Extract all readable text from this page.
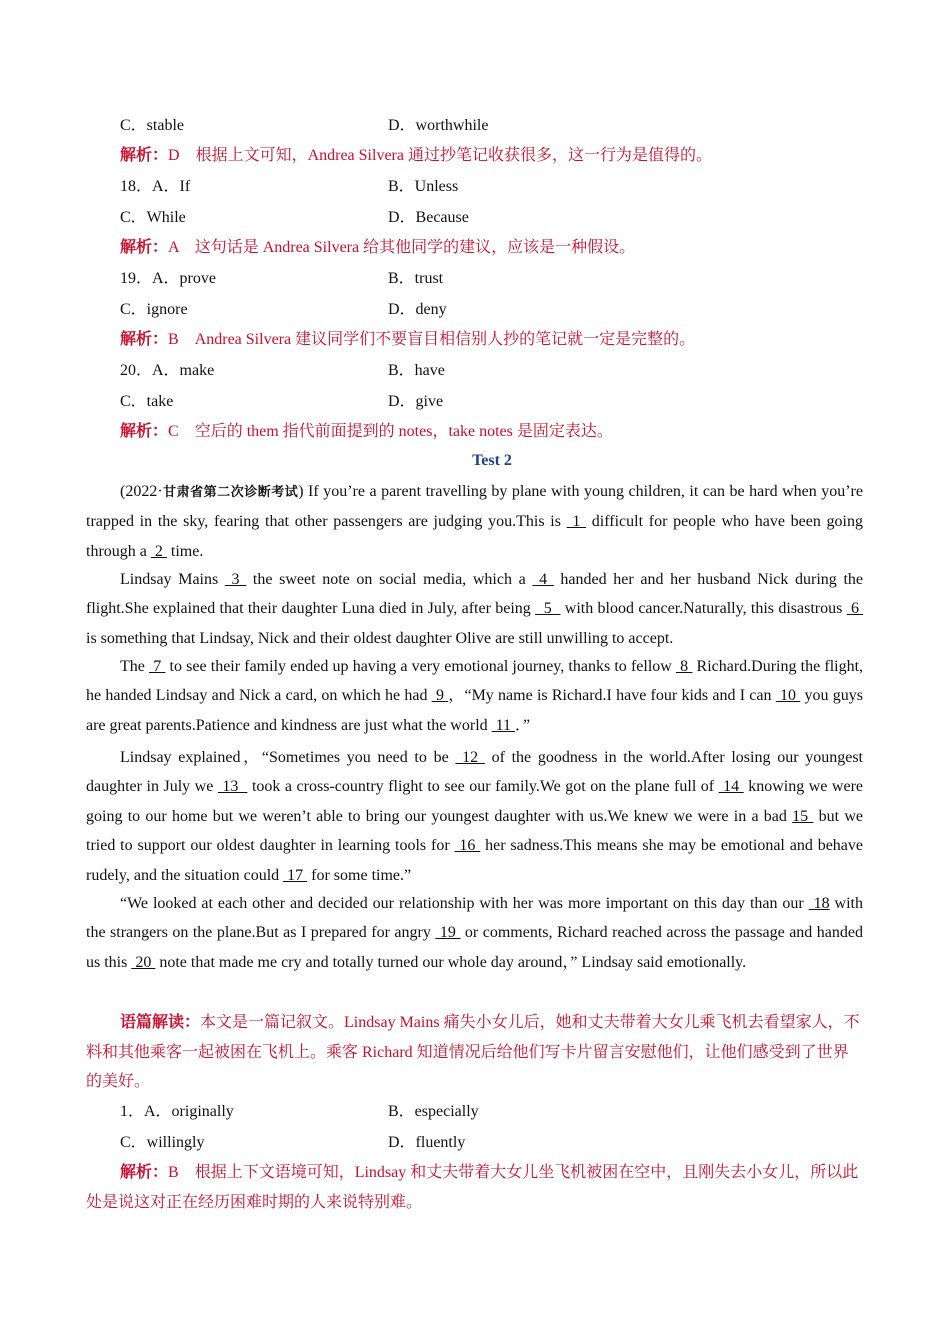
C．stable	D．worthwhile
解析：D　根据上文可知，Andrea Silvera 通过抄笔记收获很多，这一行为是值得的。
18．A．If	B．Unless
C．While	D．Because
解析：A　这句话是 Andrea Silvera 给其他同学的建议，应该是一种假设。
19．A．prove	B．trust
C．ignore	D．deny
解析：B　Andrea Silvera 建议同学们不要盲目相信别人抄的笔记就一定是完整的。
20．A．make	B．have
C．take	D．give
解析：C　空后的 them 指代前面提到的 notes，take notes 是固定表达。
Test 2
(2022·甘肃省第二次诊断考试) If you’re a parent travelling by plane with young children, it can be hard when you’re trapped in the sky, fearing that other passengers are judging you.This is  1  difficult for people who have been going through a  2  time.
Lindsay Mains  3  the sweet note on social media, which a  4  handed her and her husband Nick during the flight.She explained that their daughter Luna died in July, after being   5   with blood cancer.Naturally, this disastrous  6  is something that Lindsay, Nick and their oldest daughter Olive are still unwilling to accept.
The  7  to see their family ended up having a very emotional journey, thanks to fellow  8  Richard.During the flight, he handed Lindsay and Nick a card, on which he had  9 ，“My name is Richard.I have four kids and I can  10  you guys are great parents.Patience and kindness are just what the world  11 ．”
Lindsay explained，“Sometimes you need to be  12  of the goodness in the world.After losing our youngest daughter in July we  13   took a cross-country flight to see our family.We got on the plane full of  14  knowing we were going to our home but we weren’t able to bring our youngest daughter with us.We knew we were in a bad 15  but we tried to support our oldest daughter in learning tools for  16  her sadness.This means she may be emotional and behave rudely, and the situation could  17  for some time.”
“We looked at each other and decided our relationship with her was more important on this day than our  18 with the strangers on the plane.But as I prepared for angry  19  or comments, Richard reached across the passage and handed us this  20  note that made me cry and totally turned our whole day around，” Lindsay said emotionally.
语篇解读：本文是一篇记叙文。Lindsay Mains 痛失小女儿后，她和丈夫带着大女儿乘飞机去看望家人，不料和其他乘客一起被困在飞机上。乘客 Richard 知道情况后给他们写卡片留言安慰他们，让他们感受到了世界的美好。
1．A．originally	B．especially
C．willingly	D．fluently
解析：B　根据上下文语境可知，Lindsay 和丈夫带着大女儿坐飞机被困在空中，且刚失去小女儿，所以此处是说这对正在经历困难时期的人来说特别难。
